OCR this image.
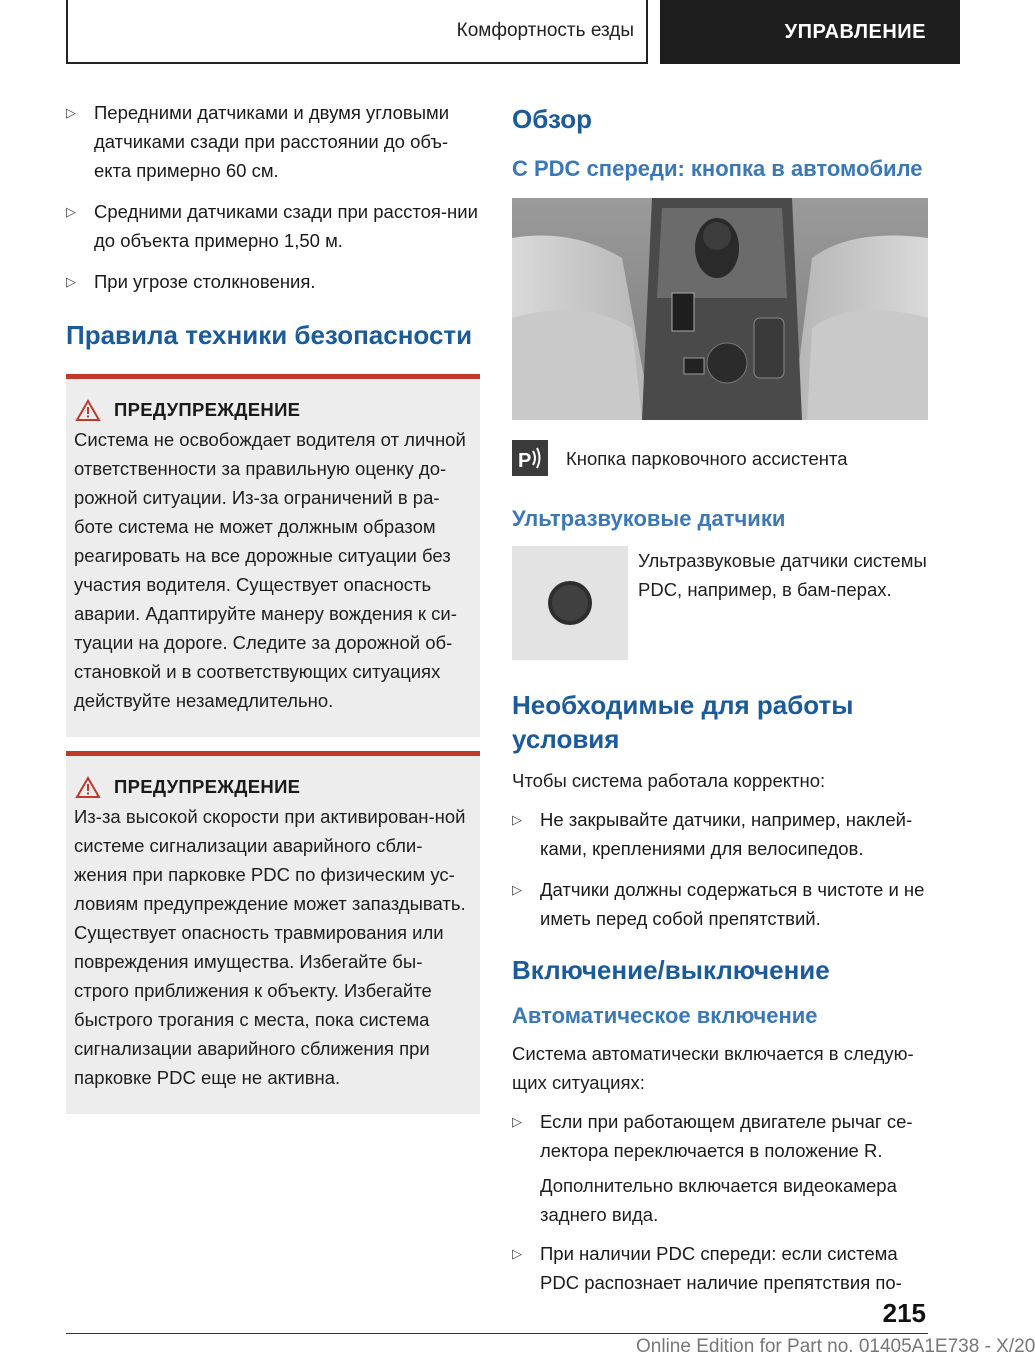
Комфортность езды	УПРАВЛЕНИЕ
▷ Передними датчиками и двумя угловыми датчиками сзади при расстоянии до объ-екта примерно 60 см.
▷ Средними датчиками сзади при расстоя-нии до объекта примерно 1,50 м.
▷ При угрозе столкновения.
Правила техники безопасности
ПРЕДУПРЕЖДЕНИЕ
Система не освобождает водителя от личной ответственности за правильную оценку до-рожной ситуации. Из-за ограничений в ра-боте система не может должным образом реагировать на все дорожные ситуации без участия водителя. Существует опасность аварии. Адаптируйте манеру вождения к си-туации на дороге. Следите за дорожной об-становкой и в соответствующих ситуациях действуйте незамедлительно.
ПРЕДУПРЕЖДЕНИЕ
Из-за высокой скорости при активирован-ной системе сигнализации аварийного сбли-жения при парковке PDC по физическим ус-ловиям предупреждение может запаздывать. Существует опасность травмирования или повреждения имущества. Избегайте бы-строго приближения к объекту. Избегайте быстрого трогания с места, пока система сигнализации аварийного сближения при парковке PDC еще не активна.
Обзор
С PDC спереди: кнопка в автомобиле
P Кнопка парковочного ассистента
Ультразвуковые датчики
Ультразвуковые датчики системы PDC, например, в бам-перах.
Необходимые для работы условия
Чтобы система работала корректно:
▷ Не закрывайте датчики, например, наклей-ками, креплениями для велосипедов.
▷ Датчики должны содержаться в чистоте и не иметь перед собой препятствий.
Включение/выключение
Автоматическое включение
Система автоматически включается в следую-щих ситуациях:
▷ Если при работающем двигателе рычаг се-лектора переключается в положение R.
Дополнительно включается видеокамера заднего вида.
▷ При наличии PDC спереди: если система PDC распознает наличие препятствия по-
215
Online Edition for Part no. 01405A1E738 - X/20
